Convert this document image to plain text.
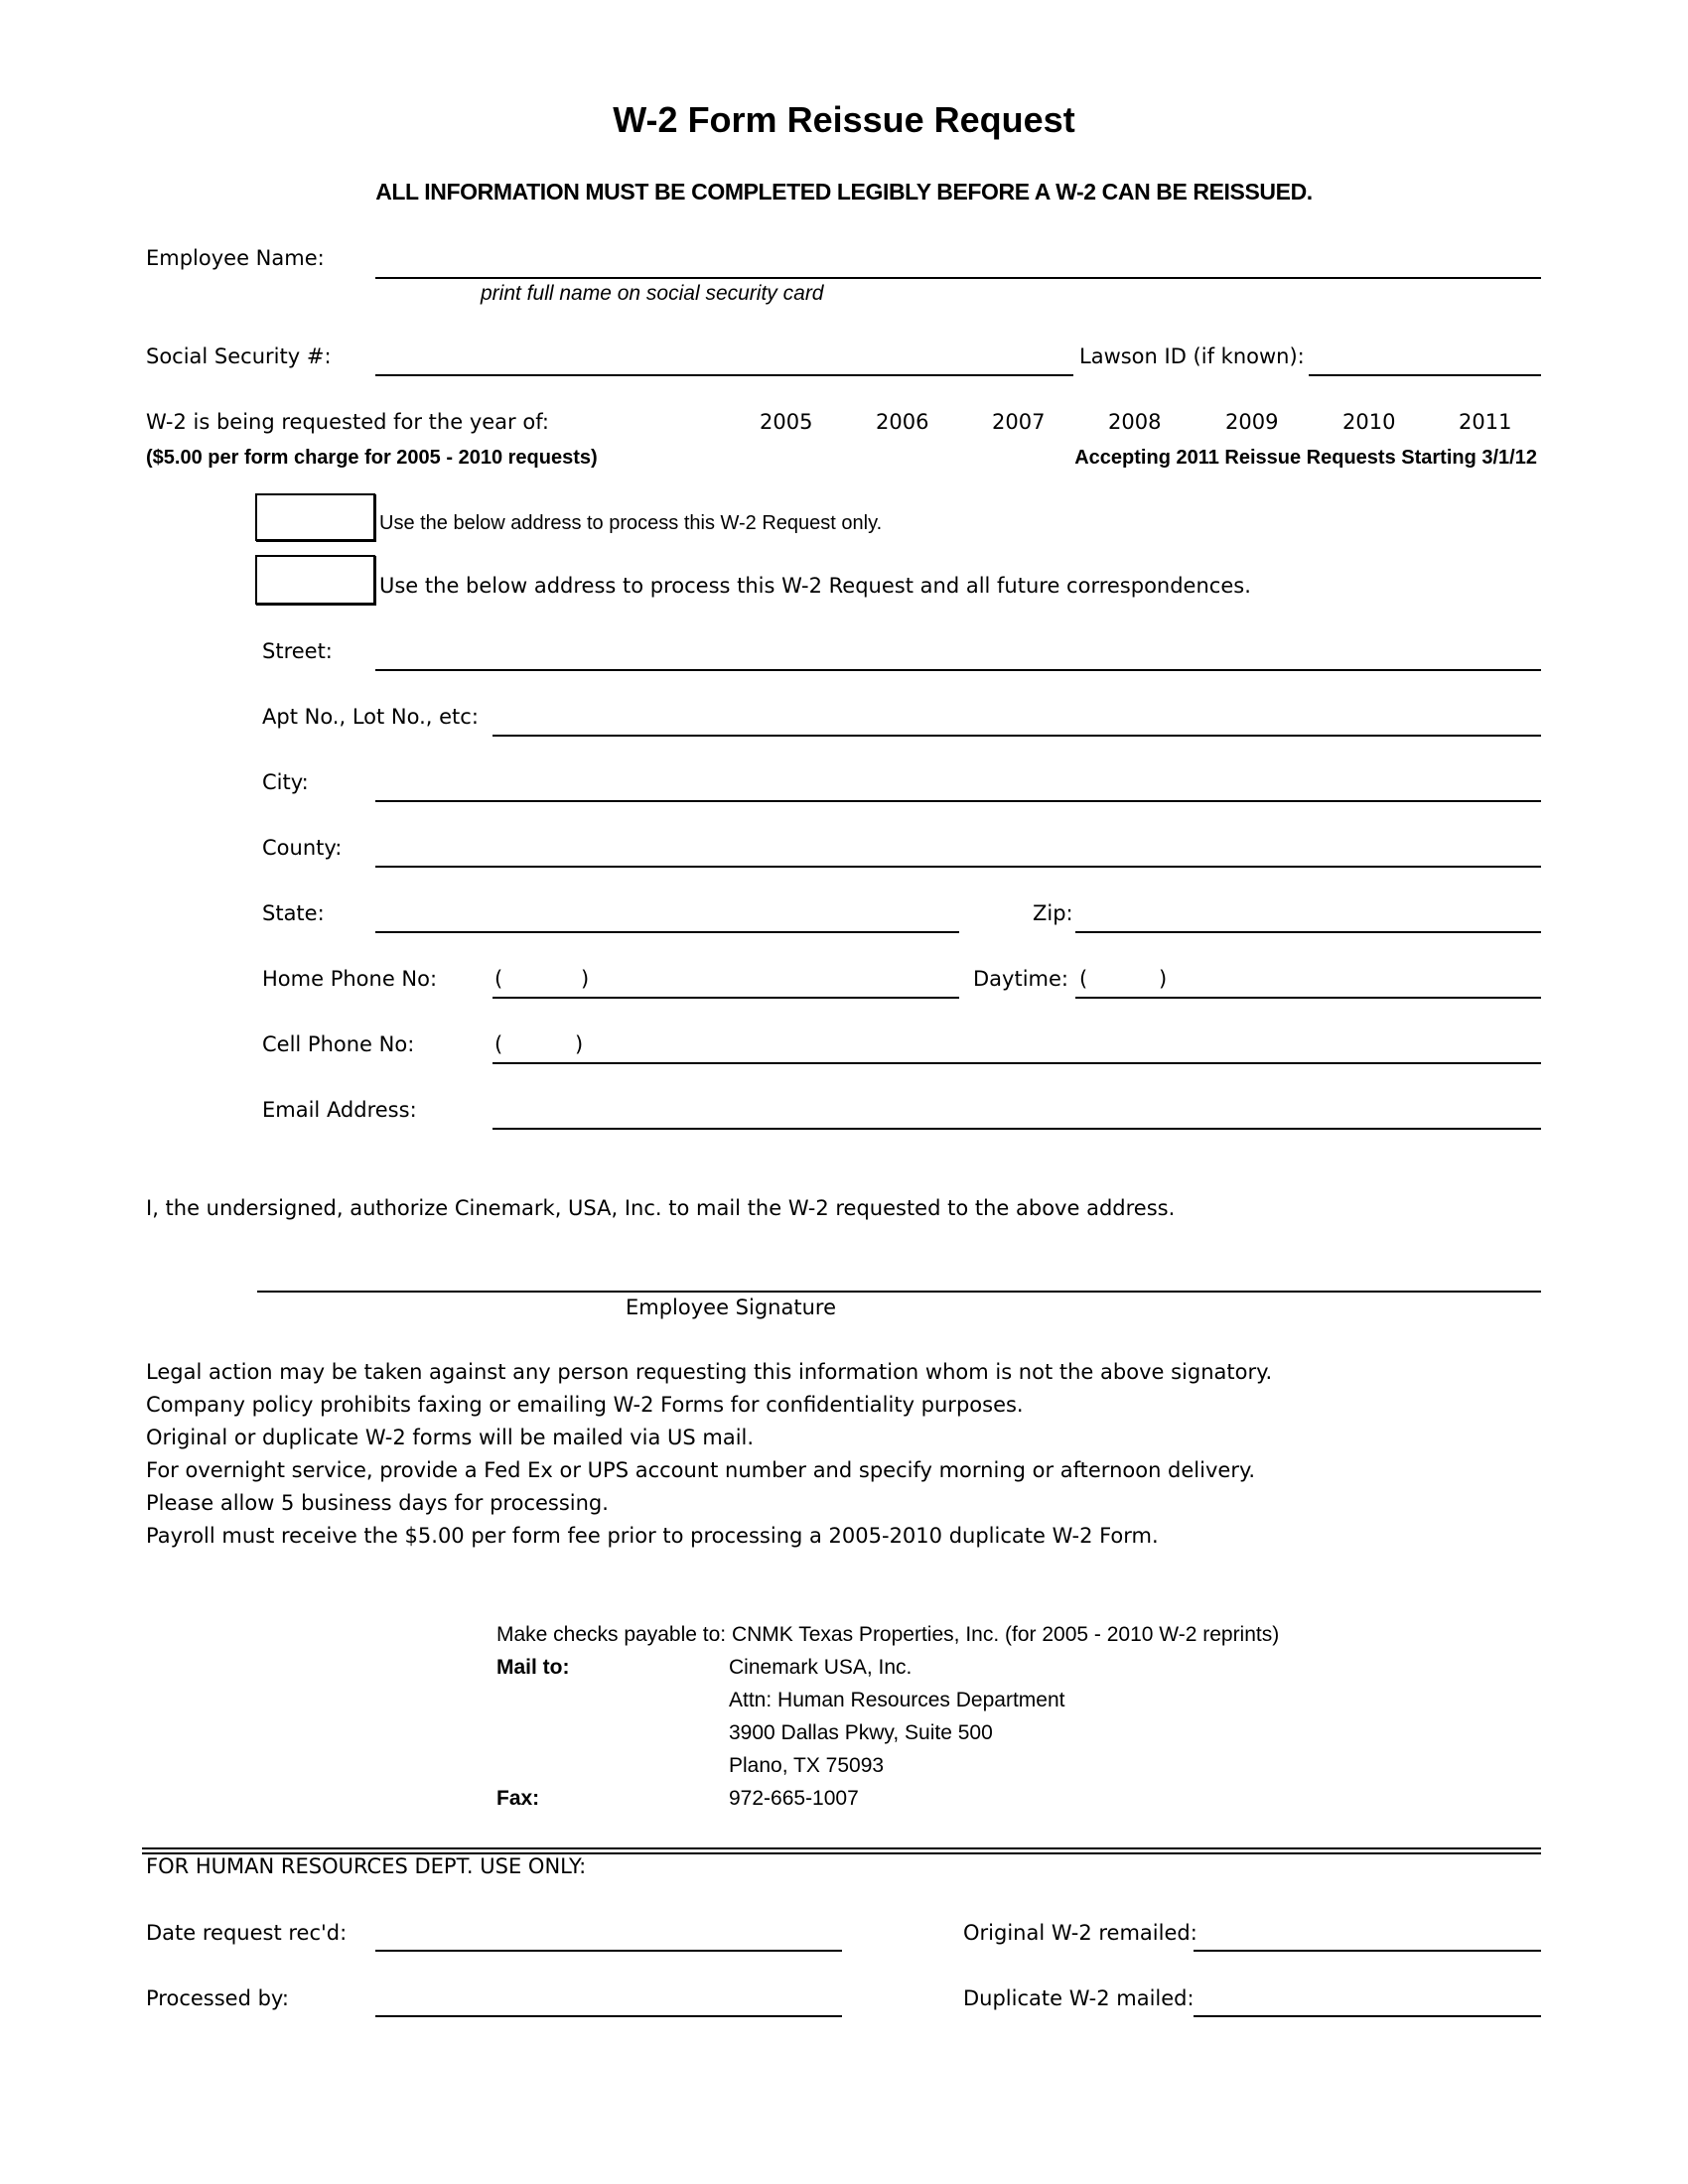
W-2 Form Reissue Request
ALL INFORMATION MUST BE COMPLETED LEGIBLY BEFORE A W-2 CAN BE REISSUED.
Employee Name:
print full name on social security card
Social Security #:	Lawson ID (if known):
W-2 is being requested for the year of:	2005	2006	2007	2008	2009	2010	2011
($5.00 per form charge for 2005 - 2010 requests)	Accepting 2011 Reissue Requests Starting 3/1/12
Use the below address to process this W-2 Request only.
Use the below address to process this W-2 Request and all future correspondences.
Street:
Apt No., Lot No., etc:
City:
County:
State:	Zip:
Home Phone No:	(	)	Daytime: (	)
Cell Phone No:	(	)
Email Address:
I, the undersigned, authorize Cinemark, USA, Inc. to mail the W-2 requested to the above address.
Employee Signature
Legal action may be taken against any person requesting this information whom is not the above signatory.
Company policy prohibits faxing or emailing W-2 Forms for confidentiality purposes.
Original or duplicate W-2 forms will be mailed via US mail.
For overnight service, provide a Fed Ex or UPS account number and specify morning or afternoon delivery.
Please allow 5 business days for processing.
Payroll must receive the $5.00 per form fee prior to processing a 2005-2010 duplicate W-2 Form.
Make checks payable to: CNMK Texas Properties, Inc. (for 2005 - 2010 W-2 reprints)
Mail to:	Cinemark USA, Inc.
Attn: Human Resources Department
3900 Dallas Pkwy, Suite 500
Plano, TX 75093
Fax:	972-665-1007
FOR HUMAN RESOURCES DEPT. USE ONLY:
Date request rec'd:	Original W-2 remailed:
Processed by:	Duplicate W-2 mailed:
